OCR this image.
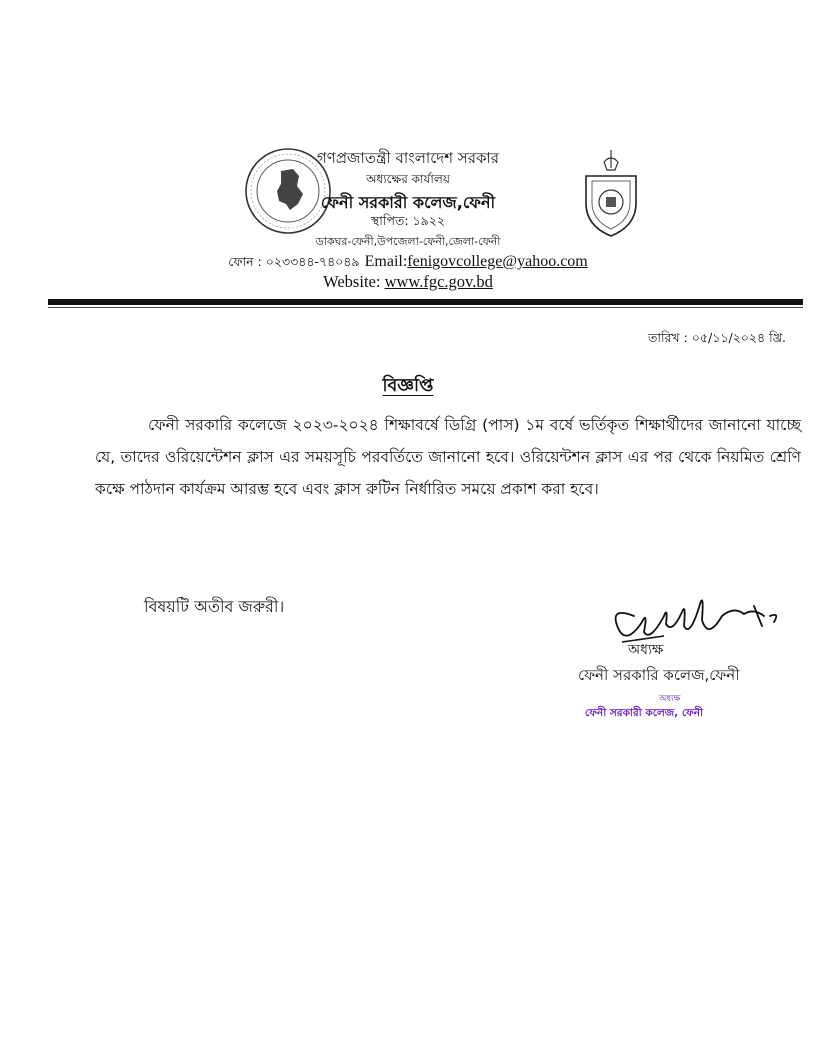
গণপ্রজাতন্ত্রী বাংলাদেশ সরকার
অধ্যক্ষের কার্যালয়
ফেনী সরকারী কলেজ,ফেনী
স্থাপিত: ১৯২২
ডাকঘর-ফেনী,উপজেলা-ফেনী,জেলা-ফেনী
ফোন : ০২৩৩৪৪-৭৪০৪৯ Email:fenigovcollege@yahoo.com
Website: www.fgc.gov.bd
তারিখ : ০৫/১১/২০২৪ খ্রি.
বিজ্ঞপ্তি

ফেনী সরকারি কলেজে ২০২৩-২০২৪ শিক্ষাবর্ষে ডিগ্রি (পাস) ১ম বর্ষে ভর্তিকৃত শিক্ষার্থীদের জানানো যাচ্ছে যে, তাদের ওরিয়েন্টেশন ক্লাস এর সময়সূচি পরবর্তিতে জানানো হবে। ওরিয়েন্টশন ক্লাস এর পর থেকে নিয়মিত শ্রেণি কক্ষে পাঠদান কার্যক্রম আরম্ভ হবে এবং ক্লাস রুটিন নির্ধারিত সময়ে প্রকাশ করা হবে।

বিষয়টি অতীব জরুরী।
অধ্যক্ষ
ফেনী সরকারি কলেজ,ফেনী
অধ্যক্ষ
ফেনী সরকারী কলেজ, ফেনী
